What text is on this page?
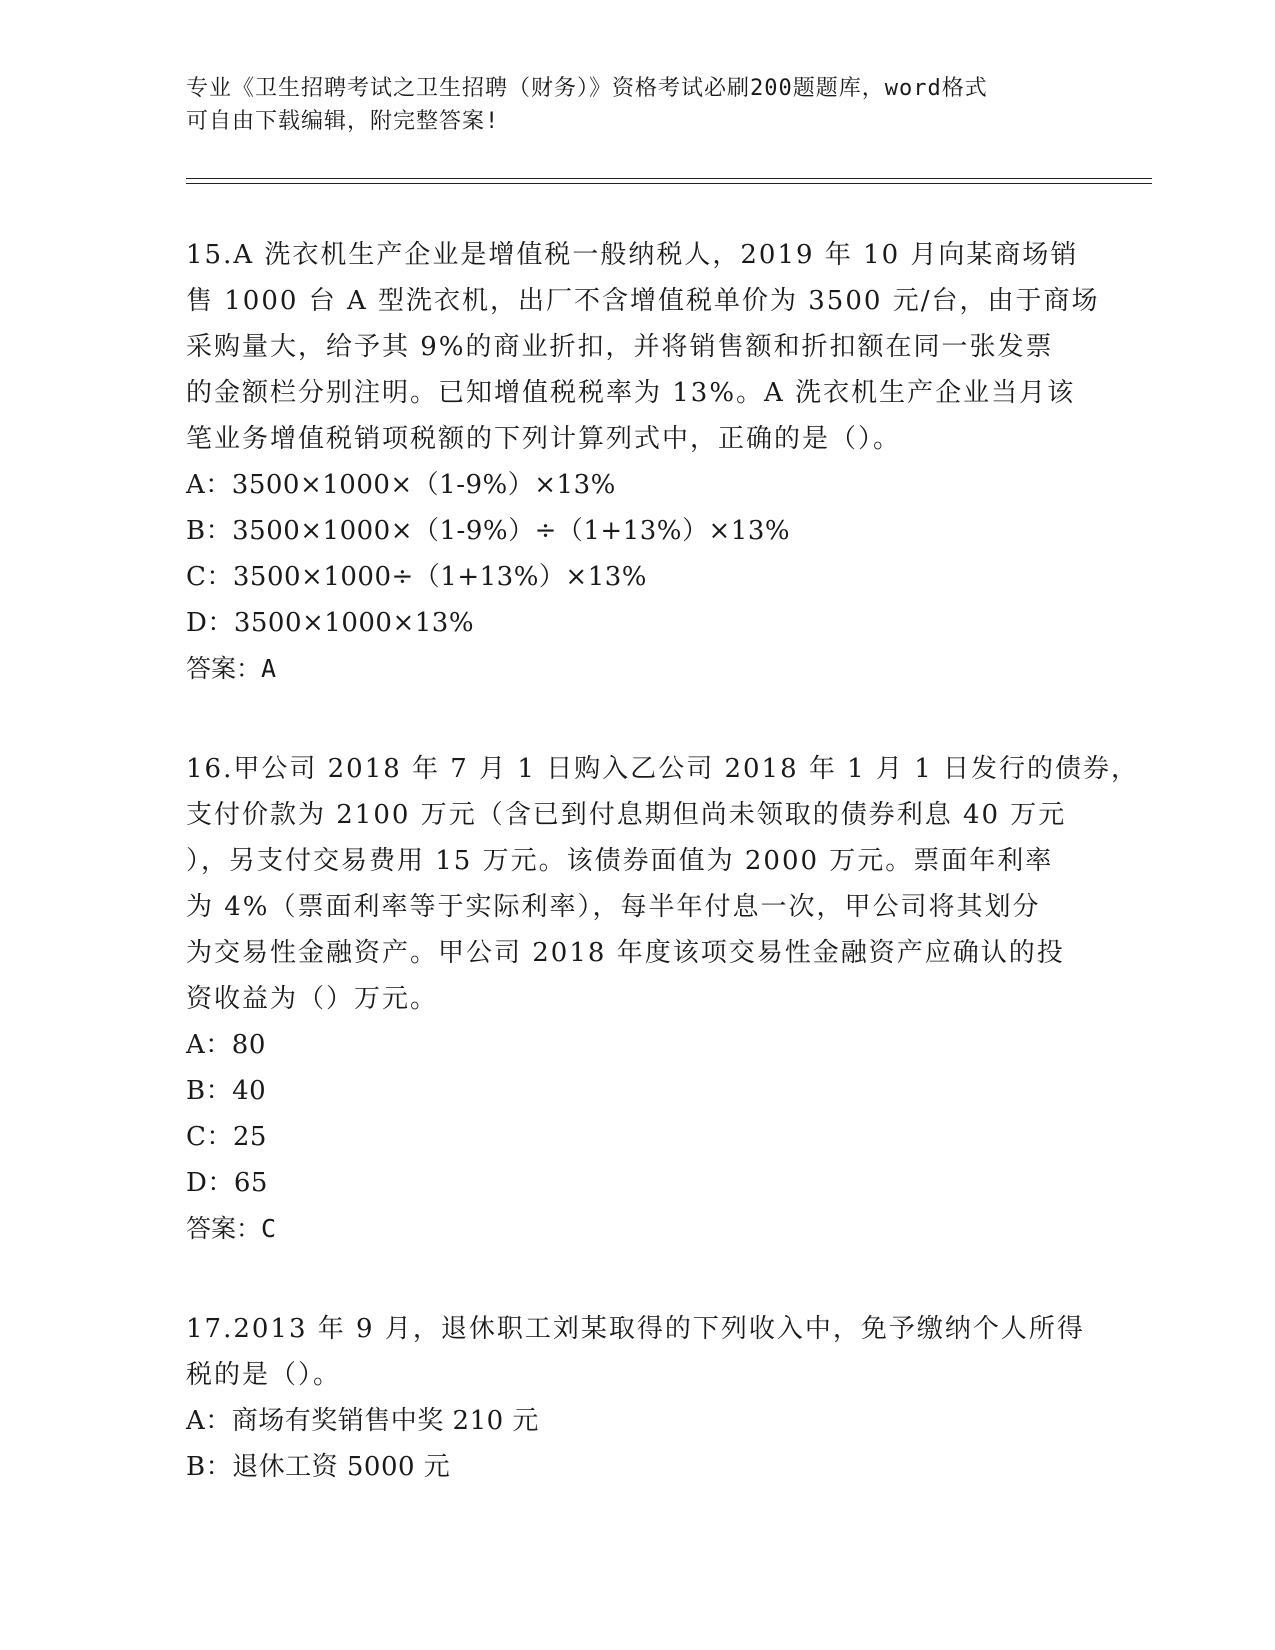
专业《卫生招聘考试之卫生招聘（财务）》资格考试必刷200题题库，word格式
可自由下载编辑，附完整答案!
15.A 洗衣机生产企业是增值税一般纳税人，2019 年 10 月向某商场销
售 1000 台 A 型洗衣机，出厂不含增值税单价为 3500 元/台，由于商场
采购量大，给予其 9%的商业折扣，并将销售额和折扣额在同一张发票
的金额栏分别注明。已知增值税税率为 13%。A 洗衣机生产企业当月该
笔业务增值税销项税额的下列计算列式中，正确的是（）。
A：3500×1000×（1-9%）×13%
B：3500×1000×（1-9%）÷（1+13%）×13%
C：3500×1000÷（1+13%）×13%
D：3500×1000×13%
答案：A
16.甲公司 2018 年 7 月 1 日购入乙公司 2018 年 1 月 1 日发行的债券，
支付价款为 2100 万元（含已到付息期但尚未领取的债券利息 40 万元
），另支付交易费用 15 万元。该债券面值为 2000 万元。票面年利率
为 4%（票面利率等于实际利率），每半年付息一次，甲公司将其划分
为交易性金融资产。甲公司 2018 年度该项交易性金融资产应确认的投
资收益为（）万元。
A：80
B：40
C：25
D：65
答案：C
17.2013 年 9 月，退休职工刘某取得的下列收入中，免予缴纳个人所得
税的是（）。
A：商场有奖销售中奖 210 元
B：退休工资 5000 元
